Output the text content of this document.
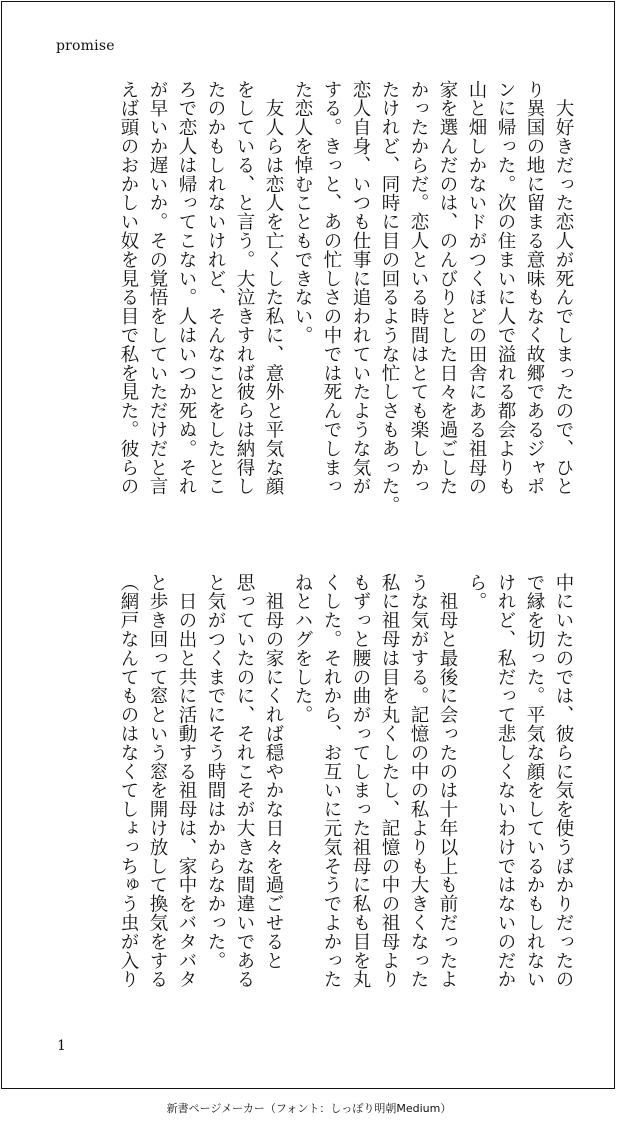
promise
　大好きだった恋人が死んでしまったので、ひと
り異国の地に留まる意味もなく故郷であるジャポ
ンに帰った。次の住まいに人で溢れる都会よりも
山と畑しかないドがつくほどの田舎にある祖母の
家を選んだのは、のんびりとした日々を過ごした
かったからだ。恋人といる時間はとても楽しかっ
たけれど、同時に目の回るような忙しさもあった。
恋人自身、いつも仕事に追われていたような気が
する。きっと、あの忙しさの中では死んでしまっ
た恋人を悼むこともできない。
　友人らは恋人を亡くした私に、意外と平気な顔
をしている、と言う。大泣きすれば彼らは納得し
たのかもしれないけれど、そんなことをしたとこ
ろで恋人は帰ってこない。人はいつか死ぬ。それ
が早いか遅いか。その覚悟をしていただけだと言
えば頭のおかしい奴を見る目で私を見た。彼らの
中にいたのでは、彼らに気を使うばかりだったの
で縁を切った。平気な顔をしているかもしれない
けれど、私だって悲しくないわけではないのだか
ら。
　祖母と最後に会ったのは十年以上も前だったよ
うな気がする。記憶の中の私よりも大きくなった
私に祖母は目を丸くしたし、記憶の中の祖母より
もずっと腰の曲がってしまった祖母に私も目を丸
くした。それから、お互いに元気そうでよかった
ねとハグをした。
　祖母の家にくれば穏やかな日々を過ごせると
思っていたのに、それこそが大きな間違いである
と気がつくまでにそう時間はかからなかった。
　日の出と共に活動する祖母は、家中をバタバタ
と歩き回って窓という窓を開け放して換気をする
（網戸なんてものはなくてしょっちゅう虫が入り
1
新書ページメーカー（フォント：しっぽり明朝Medium）
